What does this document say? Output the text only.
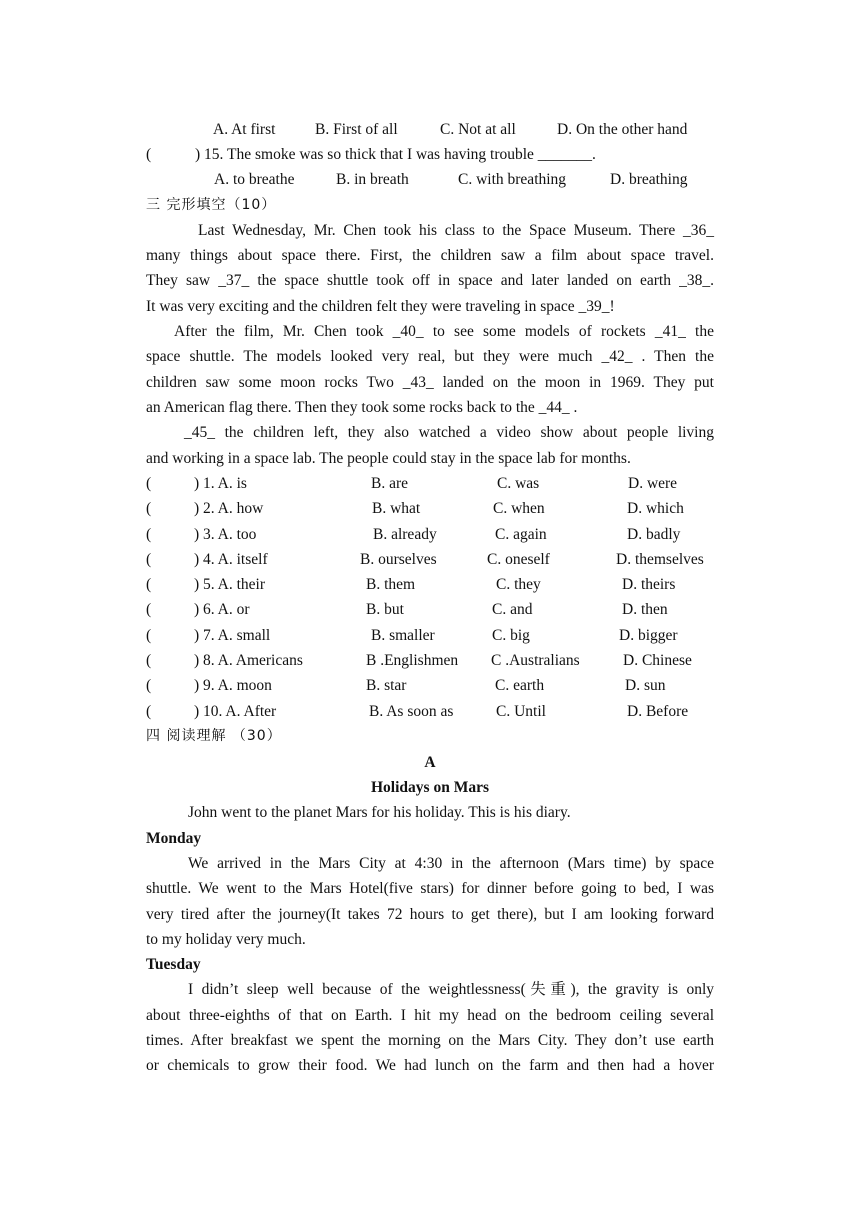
A. At first	B. First of all	C. Not at all	D. On the other hand
(	) 15. The smoke was so thick that I was having trouble _______.
A. to breathe	B. in breath	C. with breathing	D. breathing
三 完形填空（10）
Last Wednesday, Mr. Chen took his class to the Space Museum. There _36_
many things about space there. First, the children saw a film about space travel.
They saw _37_ the space shuttle took off in space and later landed on earth _38_.
It was very exciting and the children felt they were traveling in space _39_!
After the film, Mr. Chen took _40_ to see some models of rockets _41_ the
space shuttle. The models looked very real, but they were much _42_ . Then the
children saw some moon rocks Two _43_ landed on the moon in 1969. They put
an American flag there. Then they took some rocks back to the _44_ .
_45_ the children left, they also watched a video show about people living
and working in a space lab. The people could stay in the space lab for months.
(	) 1. A. is	B. are	C. was	D. were
(	) 2. A. how	B. what	C. when	D. which
(	) 3. A. too	B. already	C. again	D. badly
(	) 4. A. itself	B. ourselves	C. oneself	D. themselves
(	) 5. A. their	B. them	C. they	D. theirs
(	) 6. A. or	B. but	C. and	D. then
(	) 7. A. small	B. smaller	C. big	D. bigger
(	) 8. A. Americans	B .Englishmen C .Australians	D. Chinese
(	) 9. A. moon	B. star	C. earth	D. sun
(	) 10. A. After	B. As soon as	C. Until	D. Before
四 阅读理解 （30）
A
Holidays on Mars
John went to the planet Mars for his holiday. This is his diary.
Monday
We arrived in the Mars City at 4:30 in the afternoon (Mars time) by space
shuttle. We went to the Mars Hotel(five stars) for dinner before going to bed, I was
very tired after the journey(It takes 72 hours to get there), but I am looking forward
to my holiday very much.
Tuesday
I didn’t sleep well because of the weightlessness(失重), the gravity is only
about three-eighths of that on Earth. I hit my head on the bedroom ceiling several
times. After breakfast we spent the morning on the Mars City. They don’t use earth
or chemicals to grow their food. We had lunch on the farm and then had a hover
